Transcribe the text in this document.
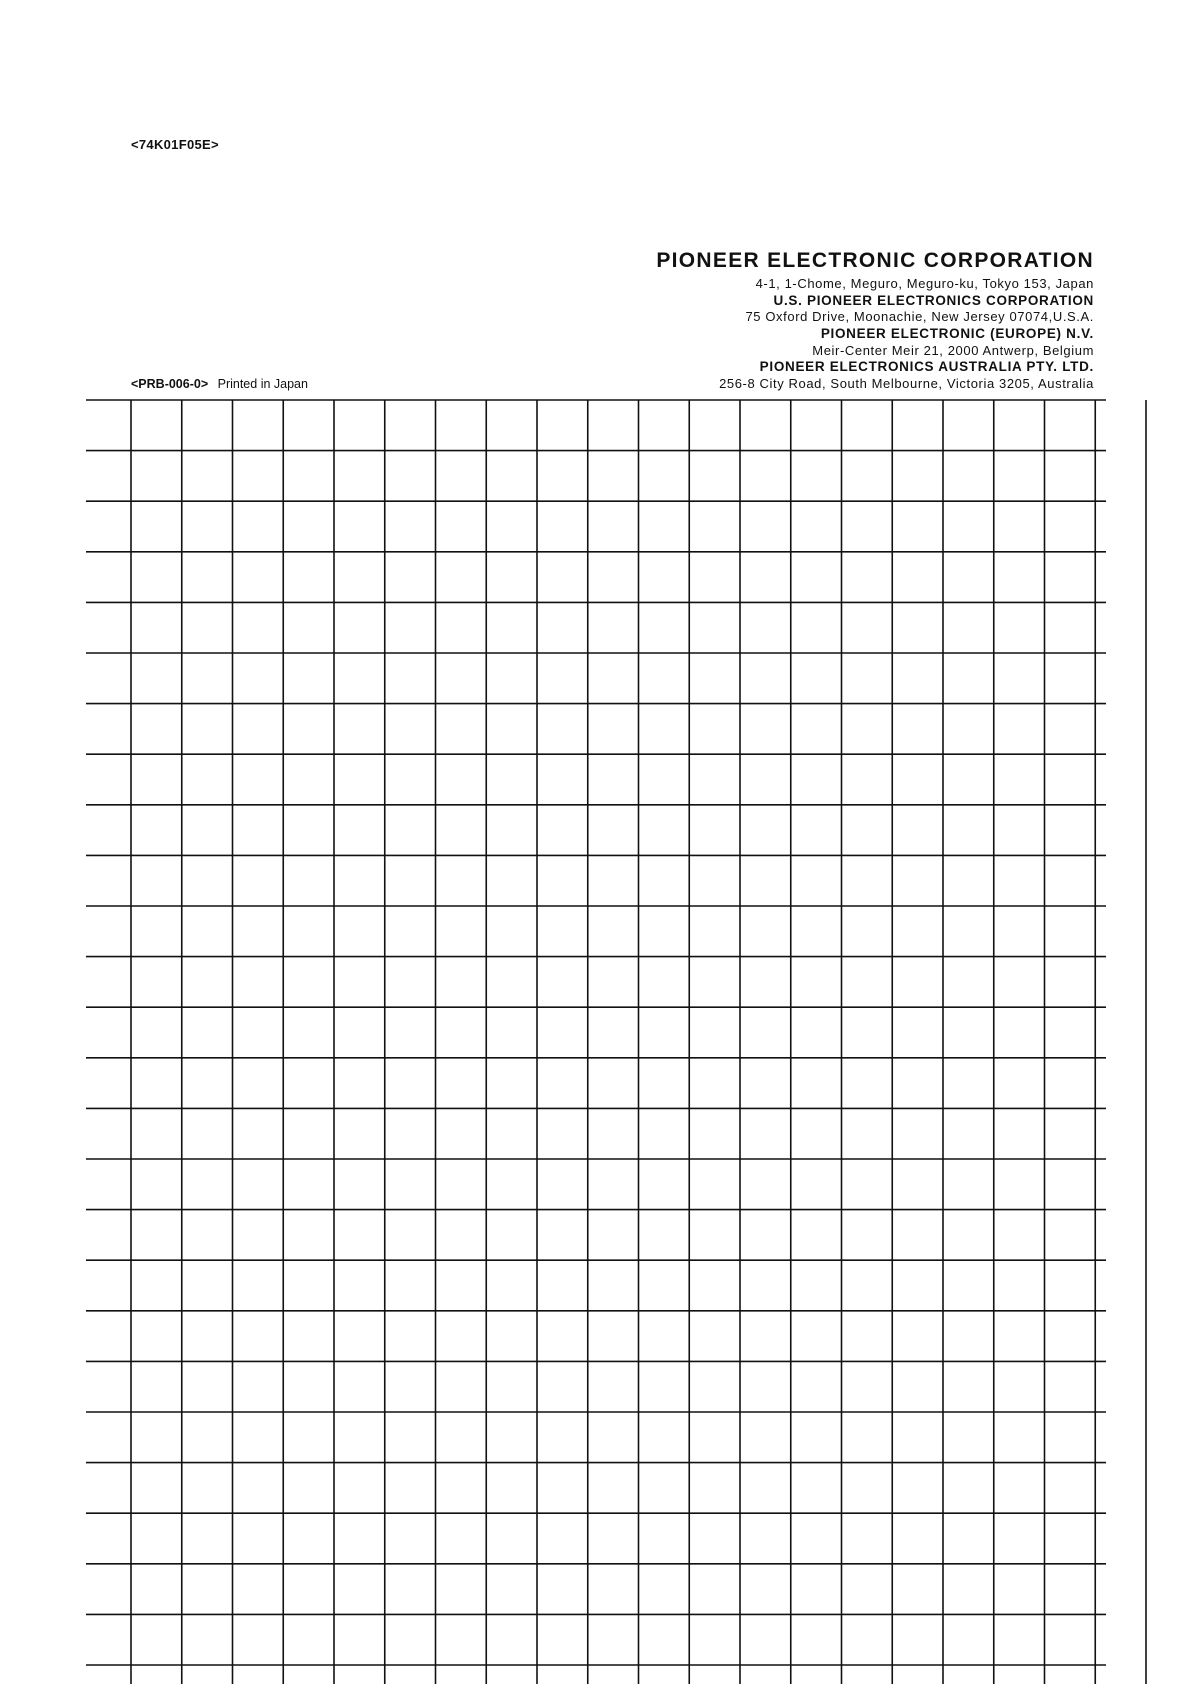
<74K01F05E>
PIONEER ELECTRONIC CORPORATION
4-1, 1-Chome, Meguro, Meguro-ku, Tokyo 153, Japan
U.S. PIONEER ELECTRONICS CORPORATION
75 Oxford Drive, Moonachie, New Jersey 07074,U.S.A.
PIONEER ELECTRONIC (EUROPE) N.V.
Meir-Center Meir 21, 2000 Antwerp, Belgium
PIONEER ELECTRONICS AUSTRALIA PTY. LTD.
256-8 City Road, South Melbourne, Victoria 3205, Australia
<PRB-006-0> Printed in Japan
